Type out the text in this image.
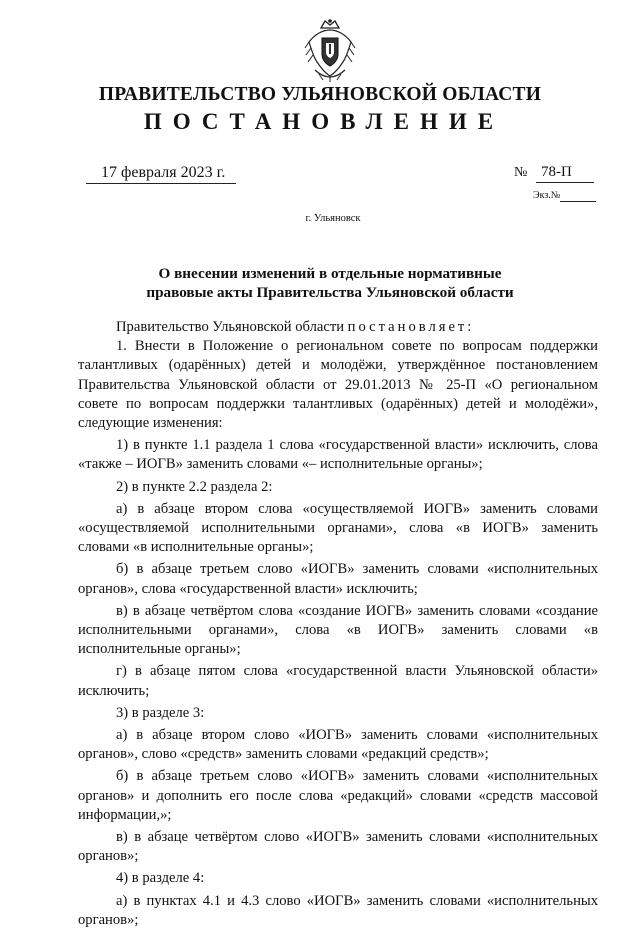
ПРАВИТЕЛЬСТВО УЛЬЯНОВСКОЙ ОБЛАСТИ
ПОСТАНОВЛЕНИЕ
17 февраля 2023 г.	№ 78-П
Экз.№
г. Ульяновск
О внесении изменений в отдельные нормативные
правовые акты Правительства Ульяновской области

Правительство Ульяновской области постановляет:

1. Внести в Положение о региональном совете по вопросам поддержки талантливых (одарённых) детей и молодёжи, утверждённое постановлением Правительства Ульяновской области от 29.01.2013 № 25-П «О региональном совете по вопросам поддержки талантливых (одарённых) детей и молодёжи», следующие изменения:

1) в пункте 1.1 раздела 1 слова «государственной власти» исключить, слова «также – ИОГВ» заменить словами «– исполнительные органы»;

2) в пункте 2.2 раздела 2:

а) в абзаце втором слова «осуществляемой ИОГВ» заменить словами «осуществляемой исполнительными органами», слова «в ИОГВ» заменить словами «в исполнительные органы»;

б) в абзаце третьем слово «ИОГВ» заменить словами «исполнительных органов», слова «государственной власти» исключить;

в) в абзаце четвёртом слова «создание ИОГВ» заменить словами «создание исполнительными органами», слова «в ИОГВ» заменить словами «в исполнительные органы»;

г) в абзаце пятом слова «государственной власти Ульяновской области» исключить;

3) в разделе 3:

а) в абзаце втором слово «ИОГВ» заменить словами «исполнительных органов», слово «средств» заменить словами «редакций средств»;

б) в абзаце третьем слово «ИОГВ» заменить словами «исполнительных органов» и дополнить его после слова «редакций» словами «средств массовой информации,»;

в) в абзаце четвёртом слово «ИОГВ» заменить словами «исполнительных органов»;

4) в разделе 4:

а) в пунктах 4.1 и 4.3 слово «ИОГВ» заменить словами «исполнительных органов»;
